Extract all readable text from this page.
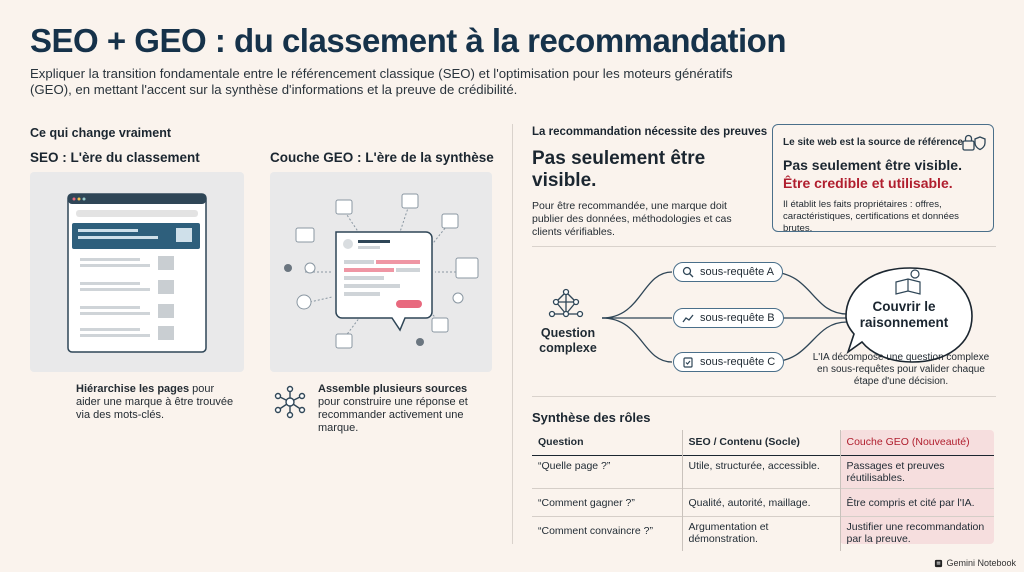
SEO + GEO : du classement à la recommandation
Expliquer la transition fondamentale entre le référencement classique (SEO) et l'optimisation pour les moteurs génératifs (GEO), en mettant l'accent sur la synthèse d'informations et la preuve de crédibilité.
Ce qui change vraiment
SEO : L'ère du classement	Couche GEO : L'ère de la synthèse
Hiérarchise les pages pour aider une marque à être trouvée via des mots-clés.
Assemble plusieurs sources pour construire une réponse et recommander activement une marque.
La recommandation nécessite des preuves
Pas seulement être visible.
Pour être recommandée, une marque doit publier des données, méthodologies et cas clients vérifiables.
Le site web est la source de référence
Pas seulement être visible.
Être credible et utilisable.
Il établit les faits propriétaires : offres, caractéristiques, certifications et données brutes.
Question complexe
sous-requête A
sous-requête B
sous-requête C
Couvrir le raisonnement
L'IA décompose une question complexe en sous-requêtes pour valider chaque étape d'une décision.
Synthèse des rôles
Question	SEO / Contenu (Socle)	Couche GEO (Nouveauté)
“Quelle page ?”	Utile, structurée, accessible.	Passages et preuves réutilisables.
“Comment gagner ?”	Qualité, autorité, maillage.	Être compris et cité par l'IA.
“Comment convaincre ?”	Argumentation et démonstration.	Justifier une recommandation par la preuve.
Gemini Notebook
